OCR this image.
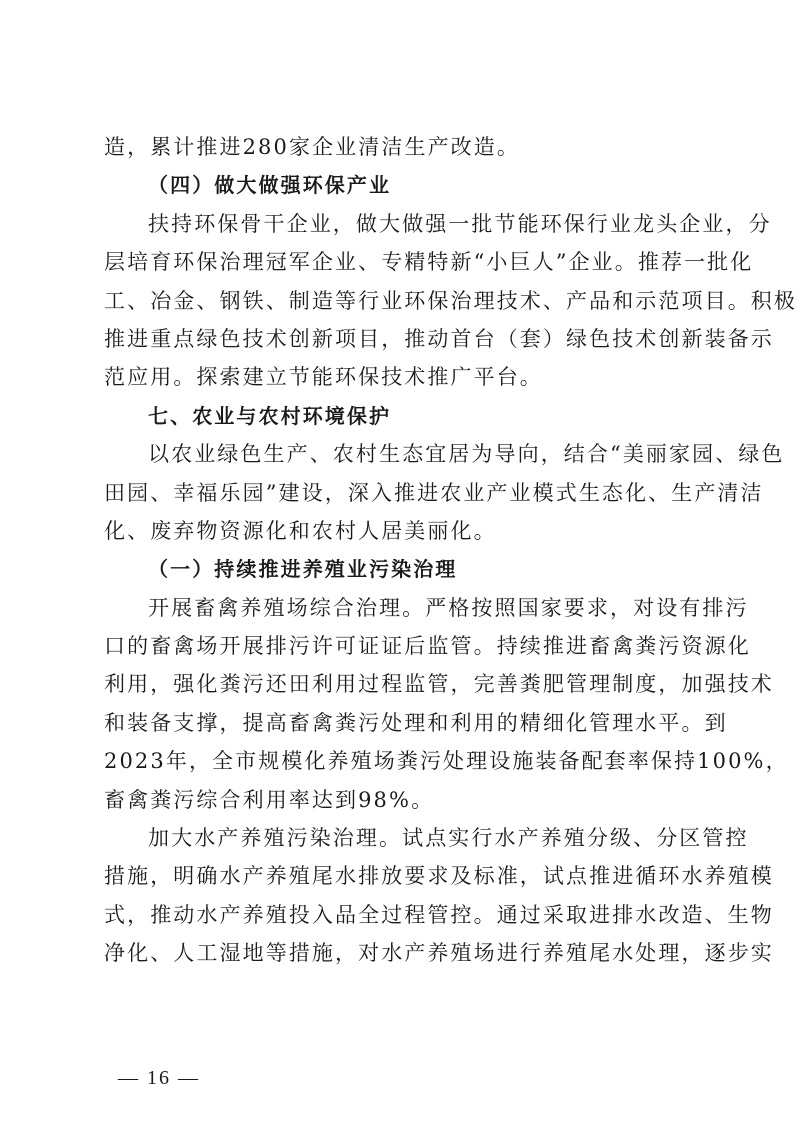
造，累计推进280家企业清洁生产改造。
（四）做大做强环保产业
扶持环保骨干企业，做大做强一批节能环保行业龙头企业，分
层培育环保治理冠军企业、专精特新“小巨人”企业。推荐一批化
工、冶金、钢铁、制造等行业环保治理技术、产品和示范项目。积极
推进重点绿色技术创新项目，推动首台（套）绿色技术创新装备示
范应用。探索建立节能环保技术推广平台。
七、农业与农村环境保护
以农业绿色生产、农村生态宜居为导向，结合“美丽家园、绿色
田园、幸福乐园”建设，深入推进农业产业模式生态化、生产清洁
化、废弃物资源化和农村人居美丽化。
（一）持续推进养殖业污染治理
开展畜禽养殖场综合治理。严格按照国家要求，对设有排污
口的畜禽场开展排污许可证证后监管。持续推进畜禽粪污资源化
利用，强化粪污还田利用过程监管，完善粪肥管理制度，加强技术
和装备支撑，提高畜禽粪污处理和利用的精细化管理水平。到
2023年，全市规模化养殖场粪污处理设施装备配套率保持100%，
畜禽粪污综合利用率达到98%。
加大水产养殖污染治理。试点实行水产养殖分级、分区管控
措施，明确水产养殖尾水排放要求及标准，试点推进循环水养殖模
式，推动水产养殖投入品全过程管控。通过采取进排水改造、生物
净化、人工湿地等措施，对水产养殖场进行养殖尾水处理，逐步实
— 16 —
